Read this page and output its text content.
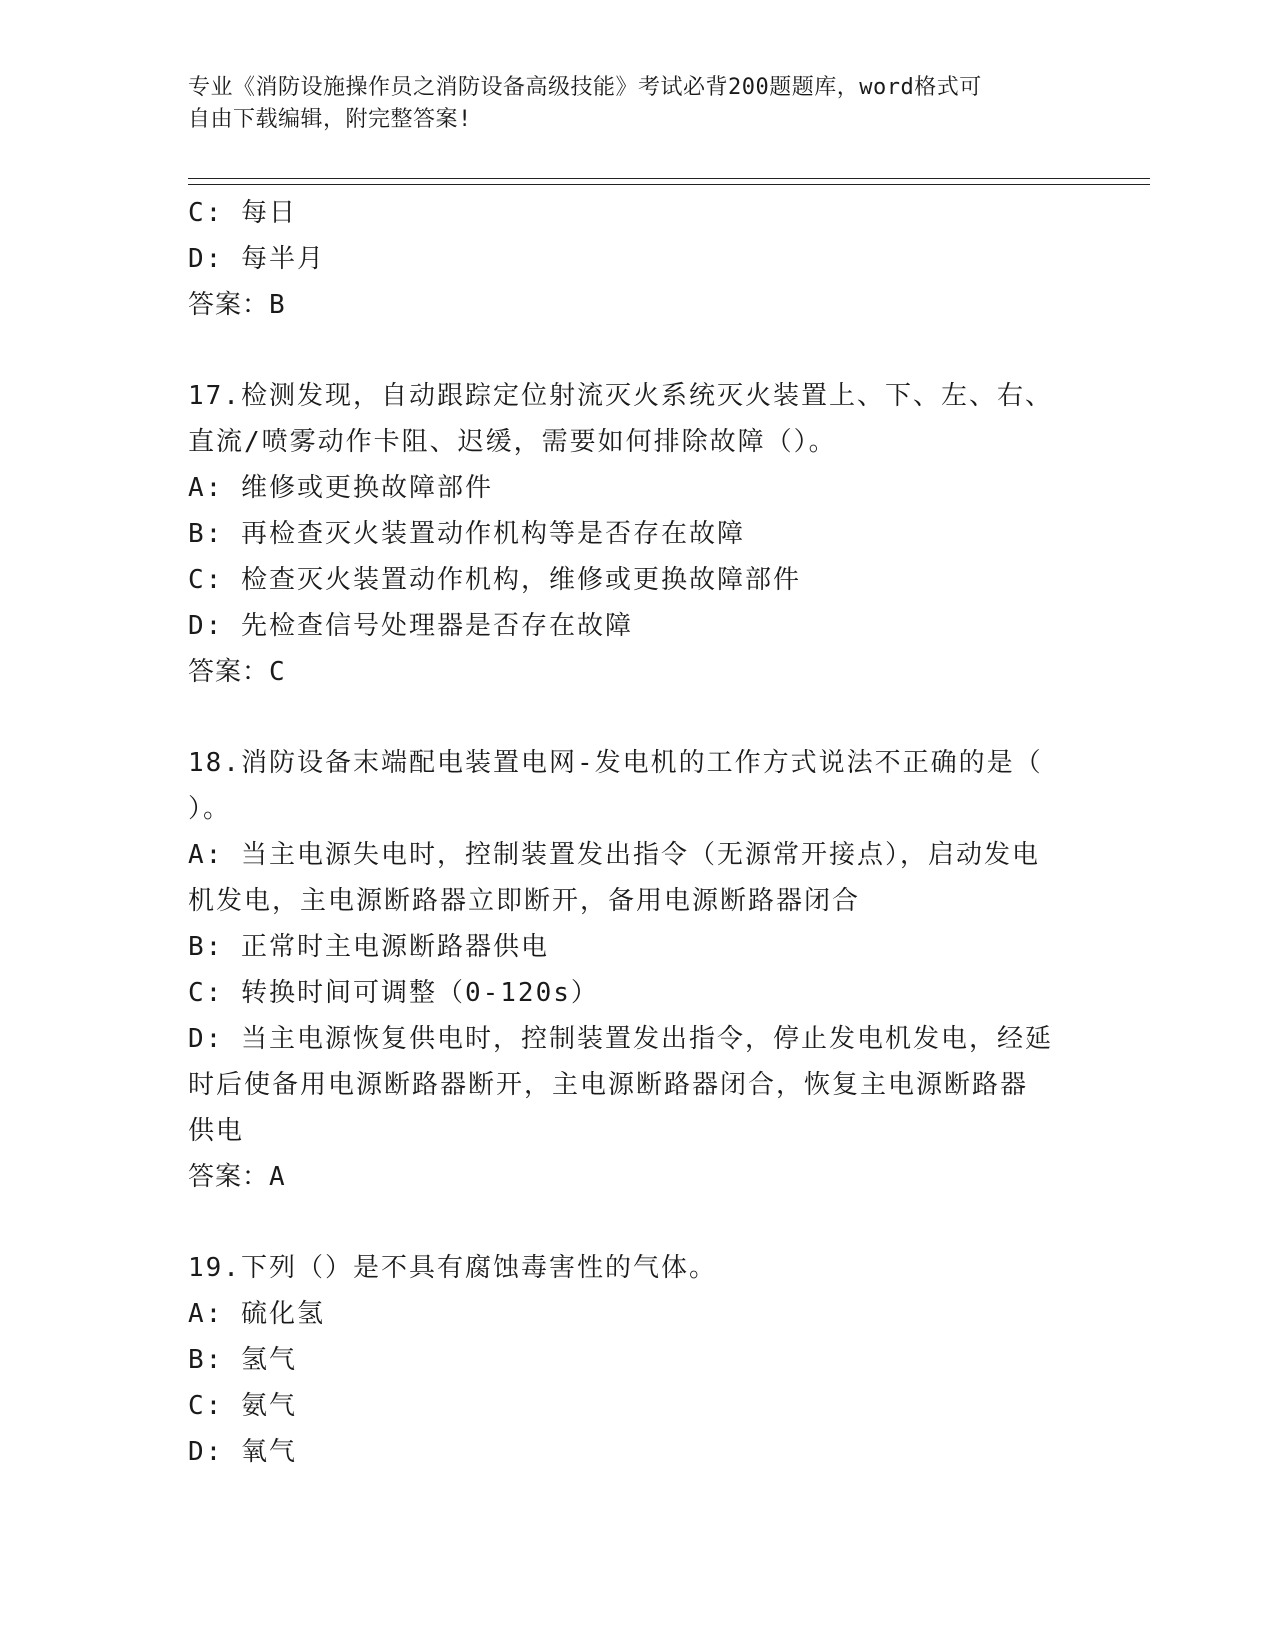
专业《消防设施操作员之消防设备高级技能》考试必背200题题库，word格式可
自由下载编辑，附完整答案!
C: 每日
D: 每半月
答案：B
17.检测发现，自动跟踪定位射流灭火系统灭火装置上、下、左、右、
直流/喷雾动作卡阻、迟缓，需要如何排除故障（）。
A: 维修或更换故障部件
B: 再检查灭火装置动作机构等是否存在故障
C: 检查灭火装置动作机构，维修或更换故障部件
D: 先检查信号处理器是否存在故障
答案：C
18.消防设备末端配电装置电网-发电机的工作方式说法不正确的是（
）。
A: 当主电源失电时，控制装置发出指令（无源常开接点），启动发电
机发电，主电源断路器立即断开，备用电源断路器闭合
B: 正常时主电源断路器供电
C: 转换时间可调整（0-120s）
D: 当主电源恢复供电时，控制装置发出指令，停止发电机发电，经延
时后使备用电源断路器断开，主电源断路器闭合，恢复主电源断路器
供电
答案：A
19.下列（）是不具有腐蚀毒害性的气体。
A: 硫化氢
B: 氢气
C: 氨气
D: 氧气
